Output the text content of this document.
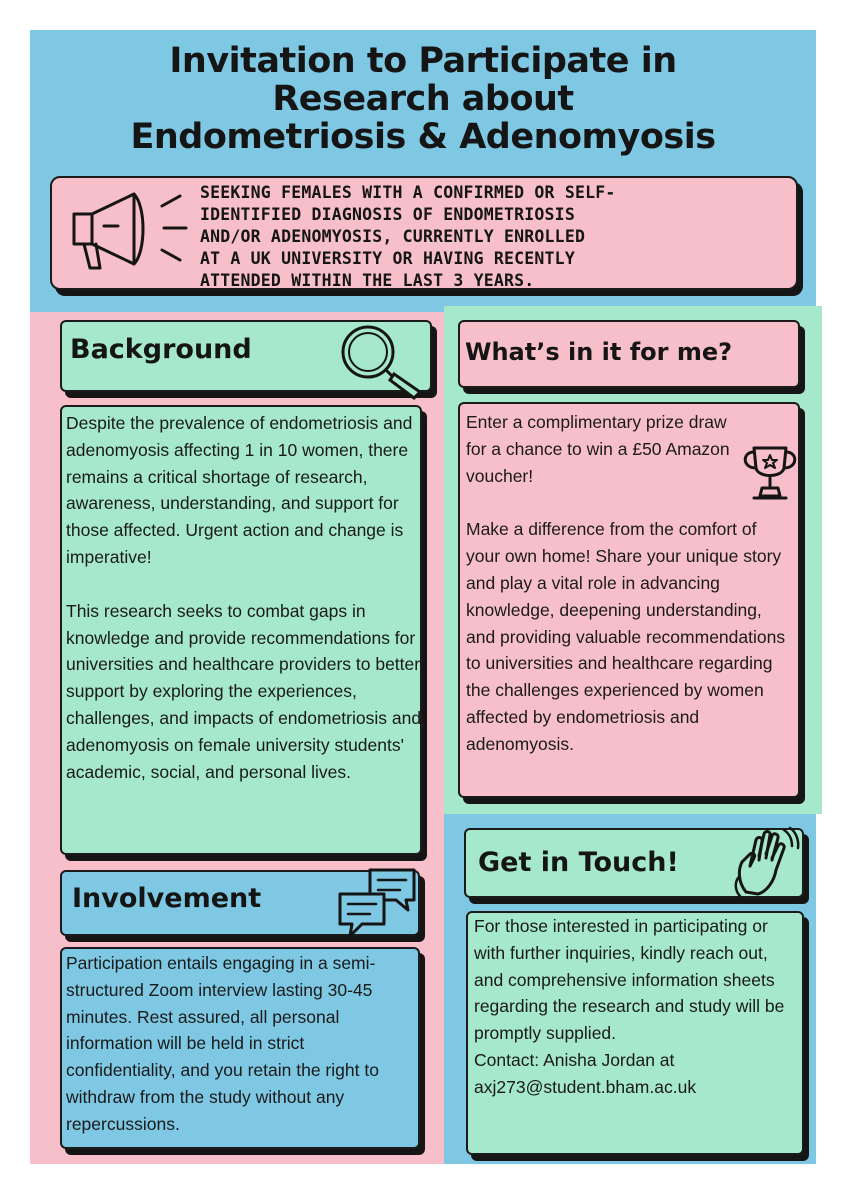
Invitation to Participate in
Research about
Endometriosis & Adenomyosis
SEEKING FEMALES WITH A CONFIRMED OR SELF-
IDENTIFIED DIAGNOSIS OF ENDOMETRIOSIS
AND/OR ADENOMYOSIS, CURRENTLY ENROLLED
AT A UK UNIVERSITY OR HAVING RECENTLY
ATTENDED WITHIN THE LAST 3 YEARS.
Background

Despite the prevalence of endometriosis and adenomyosis affecting 1 in 10 women, there remains a critical shortage of research, awareness, understanding, and support for those affected. Urgent action and change is imperative!

This research seeks to combat gaps in knowledge and provide recommendations for universities and healthcare providers to better support by exploring the experiences, challenges, and impacts of endometriosis and adenomyosis on female university students' academic, social, and personal lives.

What’s in it for me?

Enter a complimentary prize draw for a chance to win a £50 Amazon voucher!

Make a difference from the comfort of your own home! Share your unique story and play a vital role in advancing knowledge, deepening understanding, and providing valuable recommendations to universities and healthcare regarding the challenges experienced by women affected by endometriosis and adenomyosis.

Involvement

Participation entails engaging in a semi-structured Zoom interview lasting 30-45 minutes. Rest assured, all personal information will be held in strict confidentiality, and you retain the right to withdraw from the study without any repercussions.

Get in Touch!

For those interested in participating or with further inquiries, kindly reach out, and comprehensive information sheets regarding the research and study will be promptly supplied.

Contact: Anisha Jordan at

axj273@student.bham.ac.uk
